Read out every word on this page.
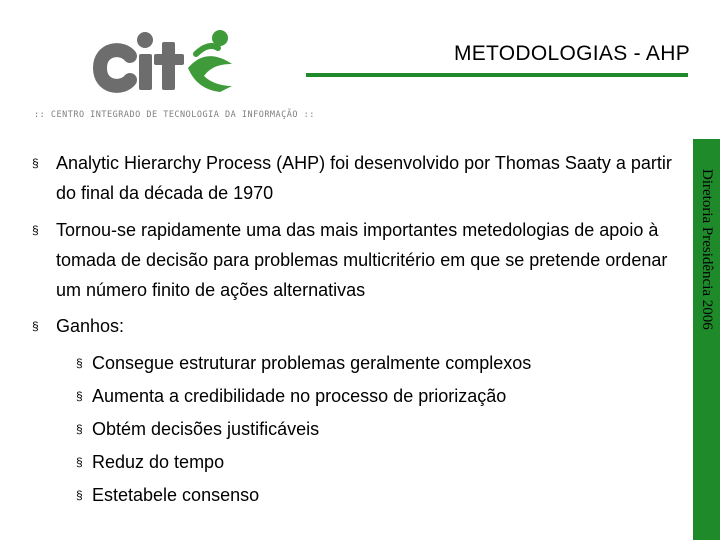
:: CENTRO INTEGRADO DE TECNOLOGIA DA INFORMAÇÃO ::
METODOLOGIAS - AHP
Diretoria Presidência 2006

§ Analytic Hierarchy Process (AHP) foi desenvolvido por Thomas Saaty a partir do final da década de 1970

§ Tornou-se rapidamente uma das mais importantes metedologias de apoio à tomada de decisão para problemas multicritério em que se pretende ordenar um número finito de ações alternativas

§ Ganhos:

§ Consegue estruturar problemas geralmente complexos
§ Aumenta a credibilidade no processo de priorização
§ Obtém decisões justificáveis
§ Reduz do tempo
§ Estetabele consenso
